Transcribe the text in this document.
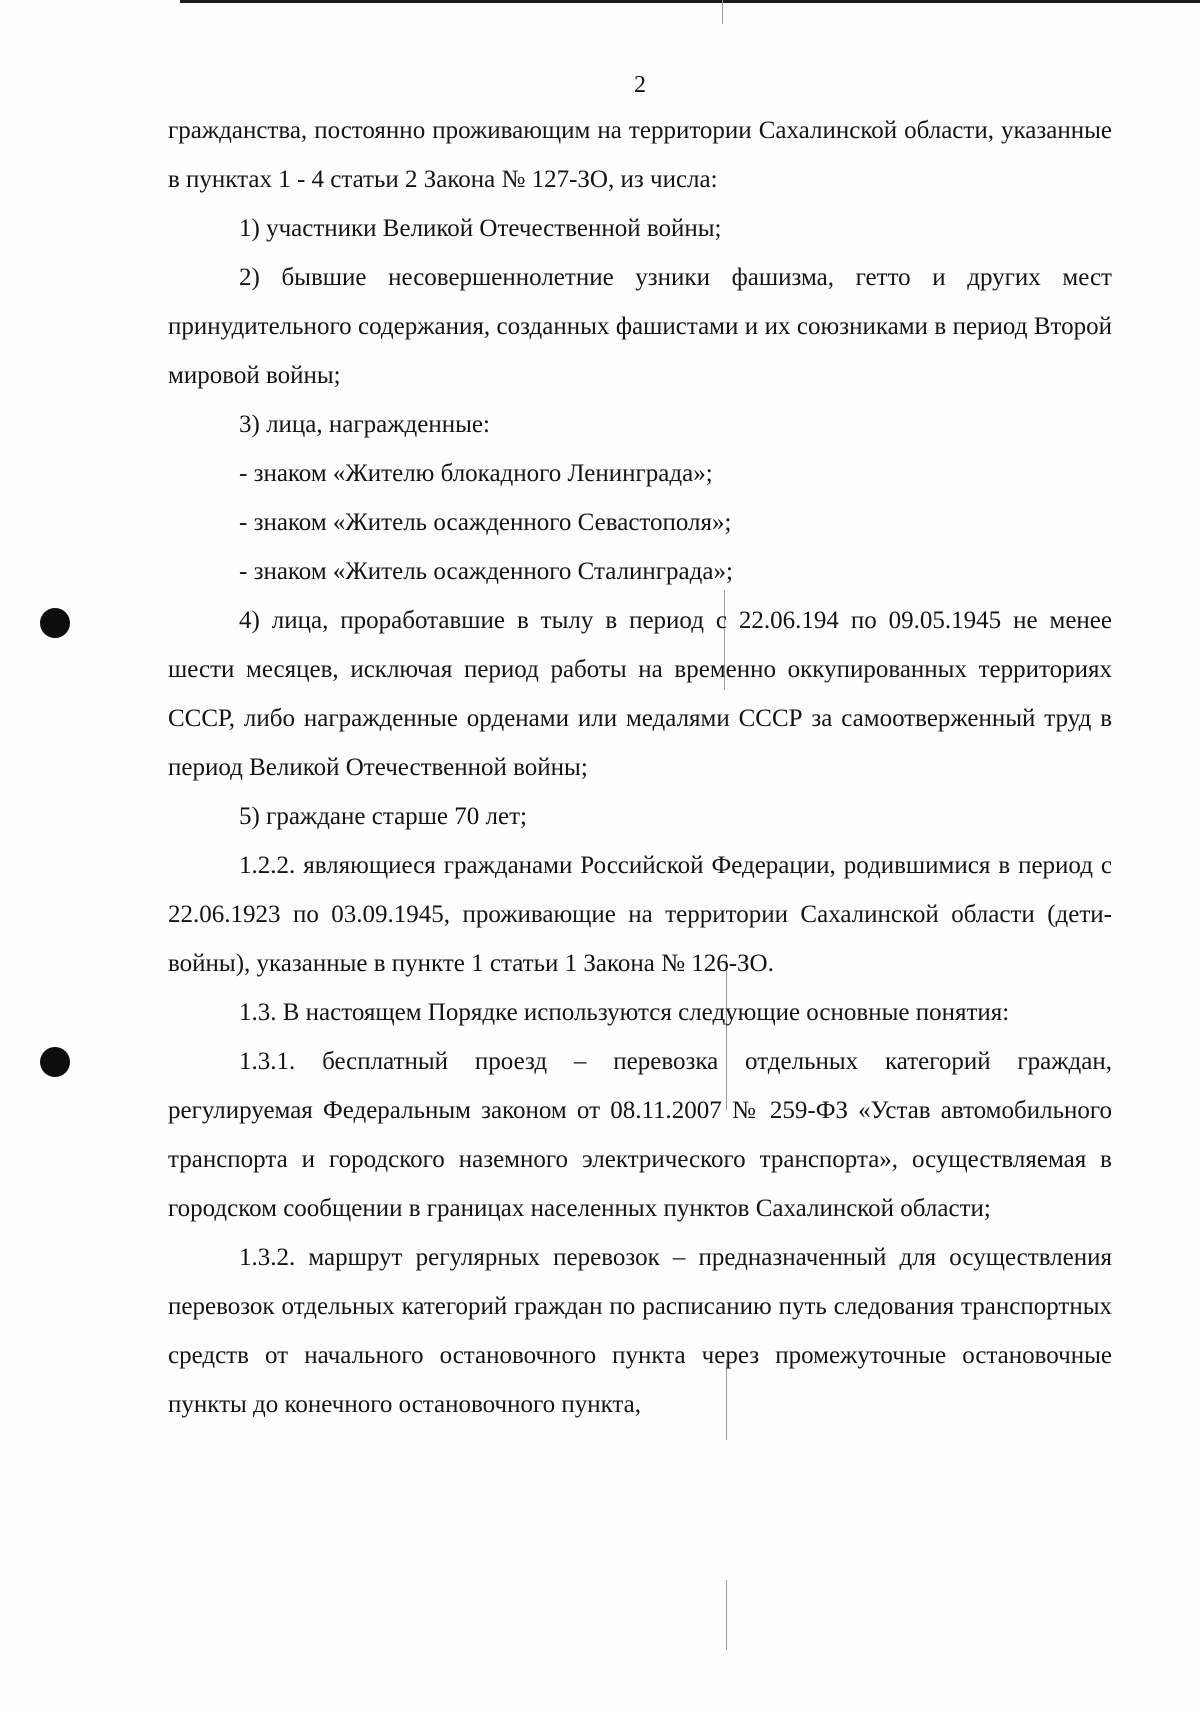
2

гражданства, постоянно проживающим на территории Сахалинской области, указанные в пунктах 1 - 4 статьи 2 Закона № 127-ЗО, из числа:

1) участники Великой Отечественной войны;

2) бывшие несовершеннолетние узники фашизма, гетто и других мест принудительного содержания, созданных фашистами и их союзниками в период Второй мировой войны;

3) лица, награжденные:

- знаком «Жителю блокадного Ленинграда»;

- знаком «Житель осажденного Севастополя»;

- знаком «Житель осажденного Сталинграда»;

4) лица, проработавшие в тылу в период с 22.06.194 по 09.05.1945 не менее шести месяцев, исключая период работы на временно оккупированных территориях СССР, либо награжденные орденами или медалями СССР за самоотверженный труд в период Великой Отечественной войны;

5) граждане старше 70 лет;

1.2.2. являющиеся гражданами Российской Федерации, родившимися в период с 22.06.1923 по 03.09.1945, проживающие на территории Сахалинской области (дети-войны), указанные в пункте 1 статьи 1 Закона № 126-ЗО.

1.3. В настоящем Порядке используются следующие основные понятия:

1.3.1. бесплатный проезд – перевозка отдельных категорий граждан, регулируемая Федеральным законом от 08.11.2007 № 259-ФЗ «Устав автомобильного транспорта и городского наземного электрического транспорта», осуществляемая в городском сообщении в границах населенных пунктов Сахалинской области;

1.3.2. маршрут регулярных перевозок – предназначенный для осуществления перевозок отдельных категорий граждан по расписанию путь следования транспортных средств от начального остановочного пункта через промежуточные остановочные пункты до конечного остановочного пункта,
